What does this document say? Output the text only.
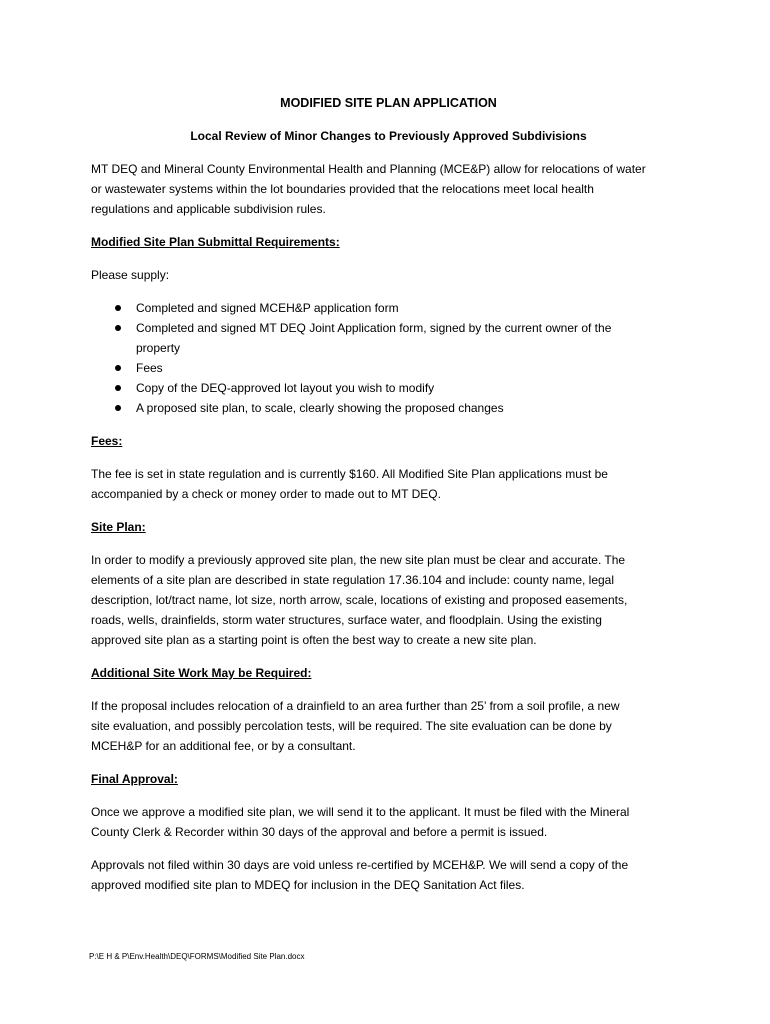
MODIFIED SITE PLAN APPLICATION

Local Review of Minor Changes to Previously Approved Subdivisions

MT DEQ and Mineral County Environmental Health and Planning (MCE&P) allow for relocations of water
or wastewater systems within the lot boundaries provided that the relocations meet local health
regulations and applicable subdivision rules.

Modified Site Plan Submittal Requirements:

Please supply:

Completed and signed MCEH&P application form
Completed and signed MT DEQ Joint Application form, signed by the current owner of the
property
Fees
Copy of the DEQ-approved lot layout you wish to modify
A proposed site plan, to scale, clearly showing the proposed changes

Fees:

The fee is set in state regulation and is currently $160. All Modified Site Plan applications must be
accompanied by a check or money order to made out to MT DEQ.

Site Plan:

In order to modify a previously approved site plan, the new site plan must be clear and accurate. The
elements of a site plan are described in state regulation 17.36.104 and include: county name, legal
description, lot/tract name, lot size, north arrow, scale, locations of existing and proposed easements,
roads, wells, drainfields, storm water structures, surface water, and floodplain. Using the existing
approved site plan as a starting point is often the best way to create a new site plan.

Additional Site Work May be Required:

If the proposal includes relocation of a drainfield to an area further than 25’ from a soil profile, a new
site evaluation, and possibly percolation tests, will be required. The site evaluation can be done by
MCEH&P for an additional fee, or by a consultant.

Final Approval:

Once we approve a modified site plan, we will send it to the applicant. It must be filed with the Mineral
County Clerk & Recorder within 30 days of the approval and before a permit is issued.

Approvals not filed within 30 days are void unless re-certified by MCEH&P. We will send a copy of the
approved modified site plan to MDEQ for inclusion in the DEQ Sanitation Act files.

P:\E H & P\Env.Health\DEQ\FORMS\Modified Site Plan.docx
